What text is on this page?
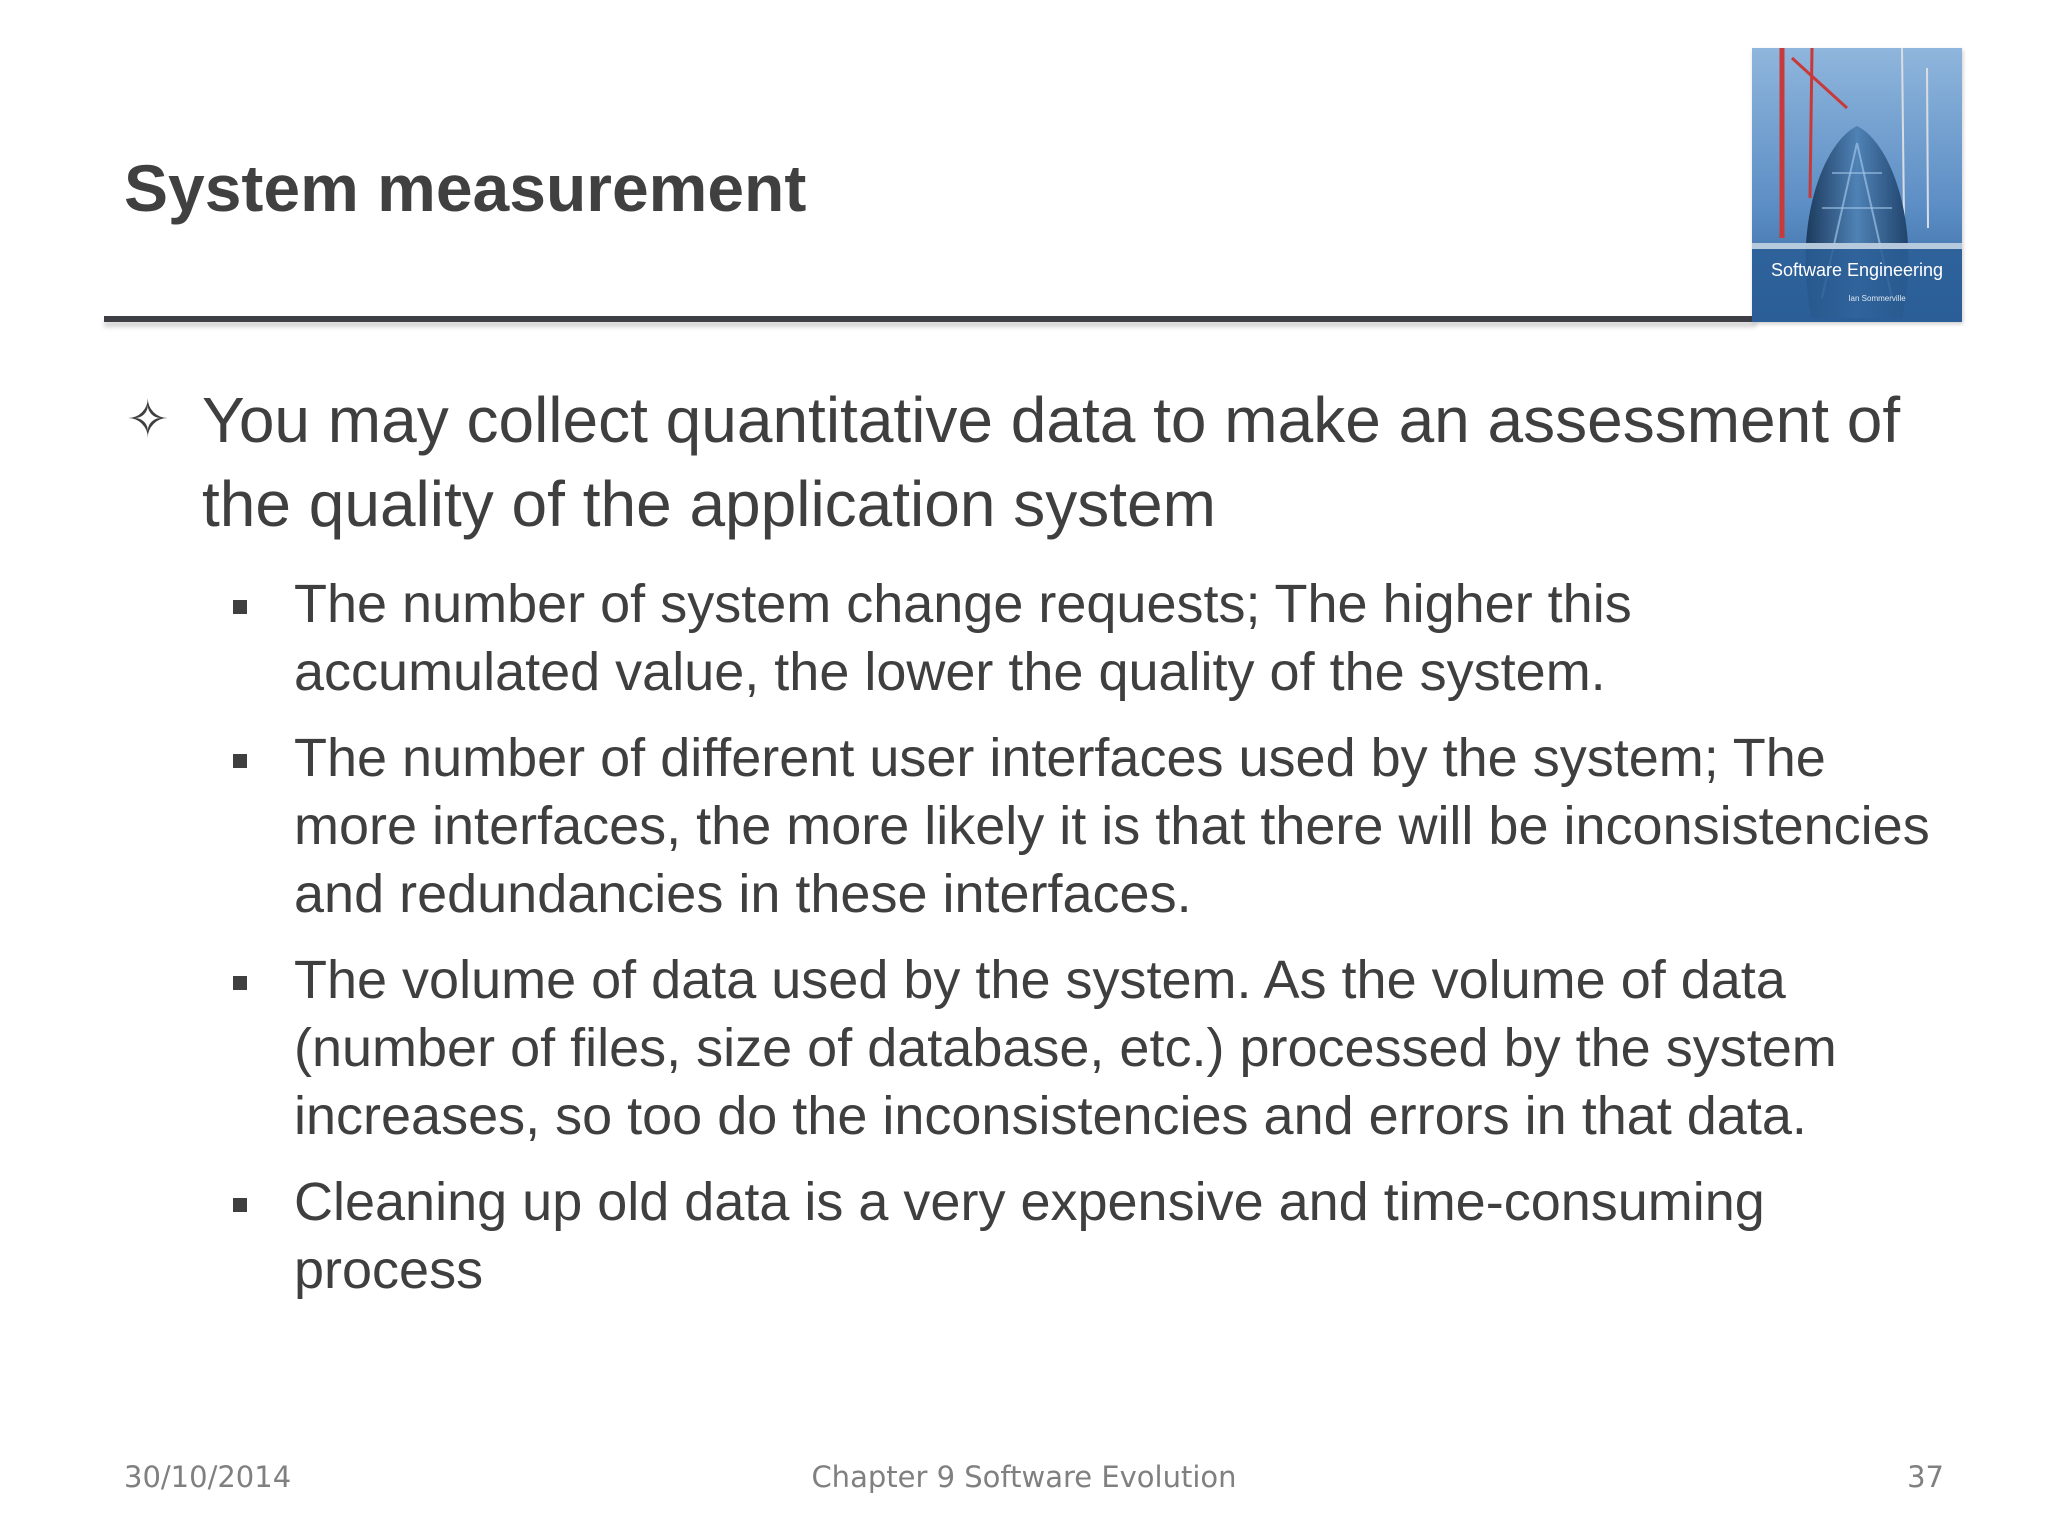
System measurement
Software Engineering
Ian Sommerville
✧ You may collect quantitative data to make an assessment of the quality of the application system
The number of system change requests; The higher this accumulated value, the lower the quality of the system.
The number of different user interfaces used by the system; The more interfaces, the more likely it is that there will be inconsistencies and redundancies in these interfaces.
The volume of data used by the system. As the volume of data (number of files, size of database, etc.) processed by the system increases, so too do the inconsistencies and errors in that data.
Cleaning up old data is a very expensive and time-consuming process
30/10/2014	Chapter 9 Software Evolution	37
